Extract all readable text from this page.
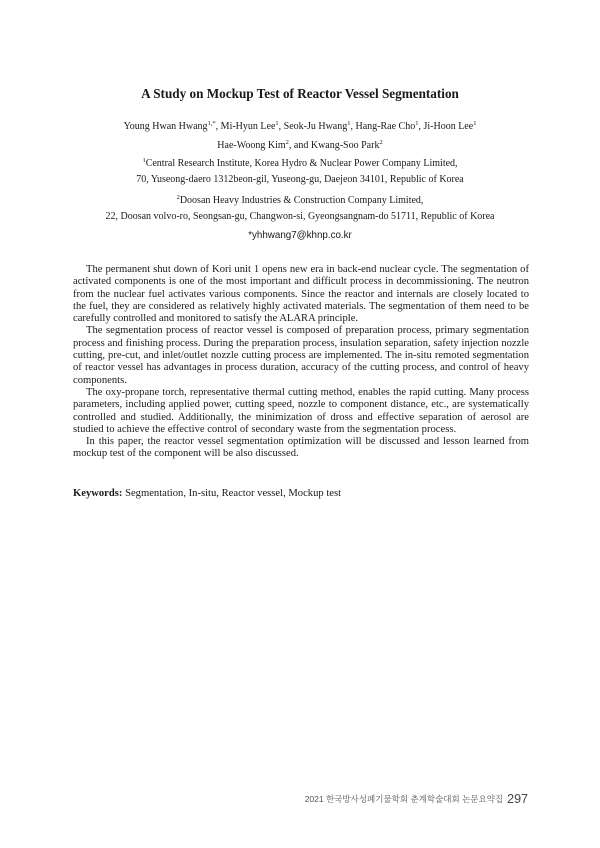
A Study on Mockup Test of Reactor Vessel Segmentation
Young Hwan Hwang$^{1,*}$, Mi-Hyun Lee$^1$, Seok-Ju Hwang$^1$, Hang-Rae Cho$^1$, Ji-Hoon Lee$^1$
Hae-Woong Kim$^2$, and Kwang-Soo Park$^2$
$^1$Central Research Institute, Korea Hydro & Nuclear Power Company Limited,
70, Yuseong-daero 1312beon-gil, Yuseong-gu, Daejeon 34101, Republic of Korea
$^2$Doosan Heavy Industries & Construction Company Limited,
22, Doosan volvo-ro, Seongsan-gu, Changwon-si, Gyeongsangnam-do 51711, Republic of Korea
*yhhwang7@khnp.co.kr

The permanent shut down of Kori unit 1 opens new era in back-end nuclear cycle. The segmentation of activated components is one of the most important and difficult process in decommissioning. The neutron from the nuclear fuel activates various components. Since the reactor and internals are closely located to the fuel, they are considered as relatively highly activated materials. The segmentation of them need to be carefully controlled and monitored to satisfy the ALARA principle.

The segmentation process of reactor vessel is composed of preparation process, primary segmentation process and finishing process. During the preparation process, insulation separation, safety injection nozzle cutting, pre-cut, and inlet/outlet nozzle cutting process are implemented. The in-situ remoted segmentation of reactor vessel has advantages in process duration, accuracy of the cutting process, and control of heavy components.

The oxy-propane torch, representative thermal cutting method, enables the rapid cutting. Many process parameters, including applied power, cutting speed, nozzle to component distance, etc., are systematically controlled and studied. Additionally, the minimization of dross and effective separation of aerosol are studied to achieve the effective control of secondary waste from the segmentation process.

In this paper, the reactor vessel segmentation optimization will be discussed and lesson learned from mockup test of the component will be also discussed.

Keywords: Segmentation, In-situ, Reactor vessel, Mockup test
2021 한국방사성폐기물학회 춘계학술대회 논문요약집 297
